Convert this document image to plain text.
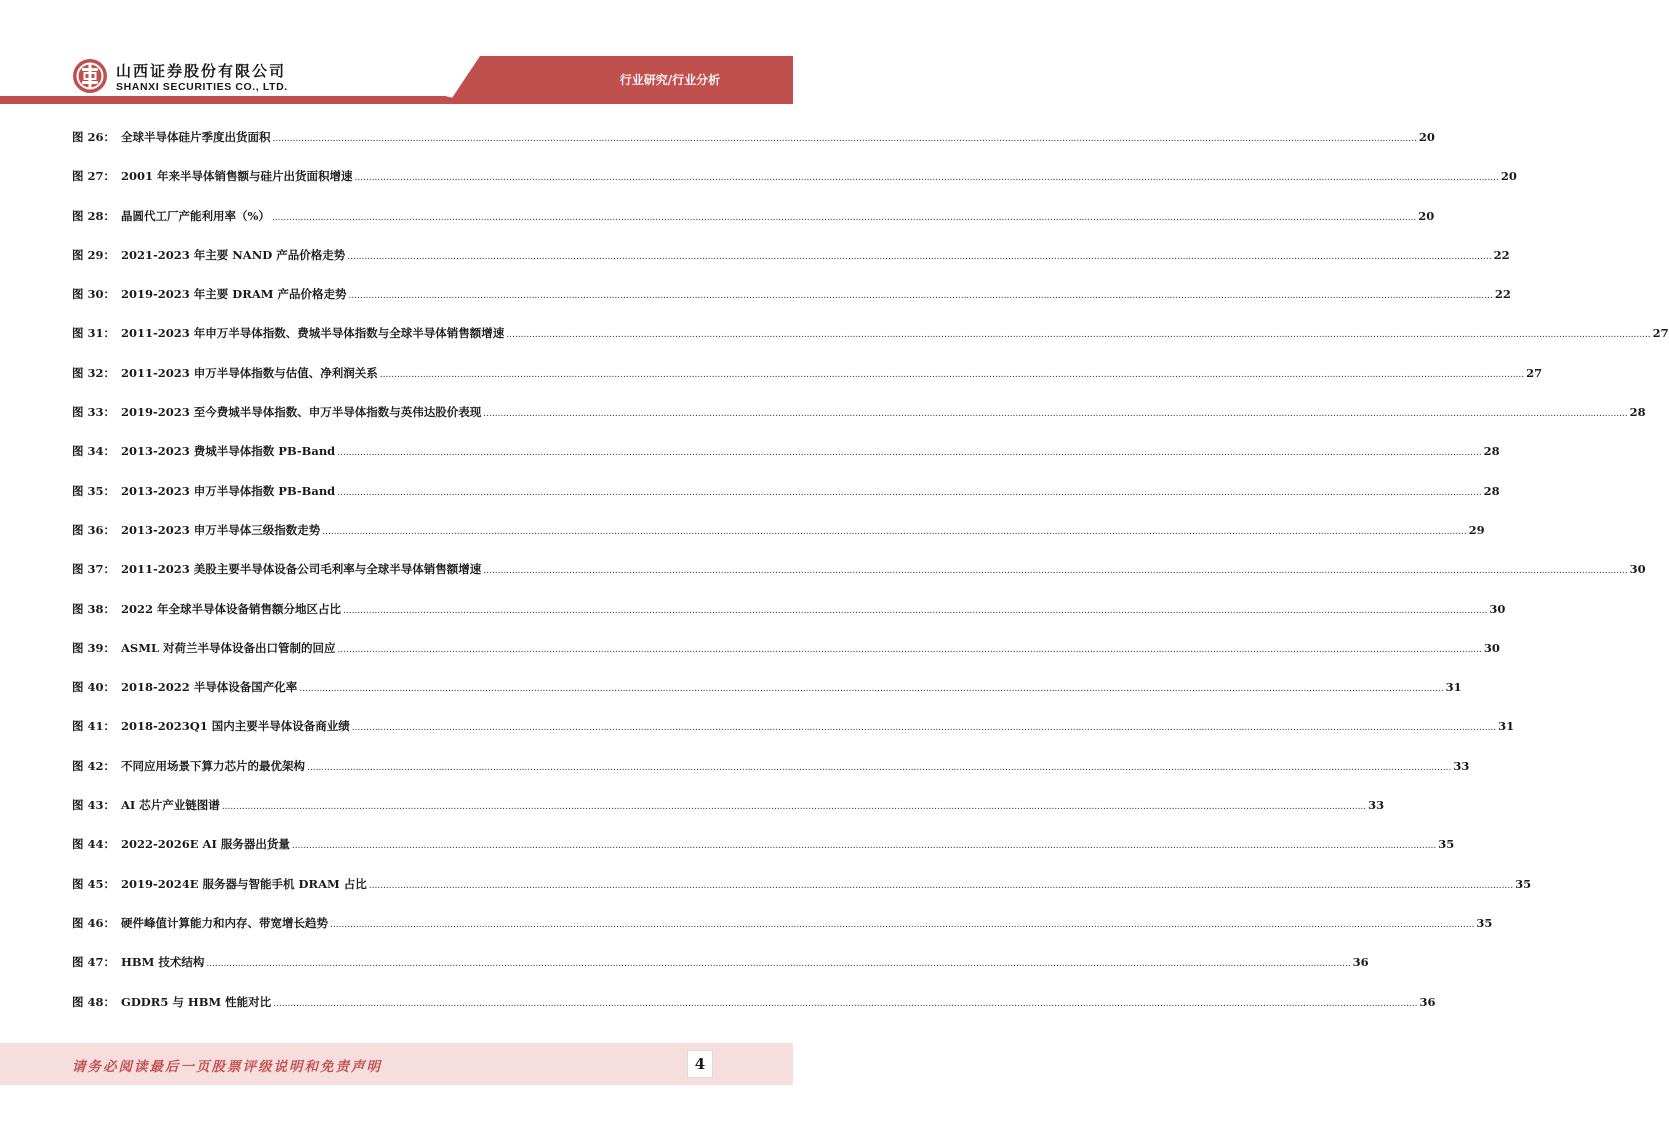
山西证券股份有限公司
SHANXI SECURITIES CO., LTD.	行业研究/行业分析
图 26： 全球半导体硅片季度出货面积 ................................................................................................................................................................................................................................................................................................................................................................................................................ 20
图 27： 2001 年来半导体销售额与硅片出货面积增速 ................................................................................................................................................................................................................................................................................................................................................................................................................ 20
图 28： 晶圆代工厂产能利用率（%） ................................................................................................................................................................................................................................................................................................................................................................................................................ 20
图 29： 2021-2023 年主要 NAND 产品价格走势 ................................................................................................................................................................................................................................................................................................................................................................................................................ 22
图 30： 2019-2023 年主要 DRAM 产品价格走势 ................................................................................................................................................................................................................................................................................................................................................................................................................ 22
图 31： 2011-2023 年申万半导体指数、费城半导体指数与全球半导体销售额增速 ................................................................................................................................................................................................................................................................................................................................................................................................................ 27
图 32： 2011-2023 申万半导体指数与估值、净利润关系 ................................................................................................................................................................................................................................................................................................................................................................................................................ 27
图 33： 2019-2023 至今费城半导体指数、申万半导体指数与英伟达股价表现 ................................................................................................................................................................................................................................................................................................................................................................................................................ 28
图 34： 2013-2023 费城半导体指数 PB-Band ................................................................................................................................................................................................................................................................................................................................................................................................................ 28
图 35： 2013-2023 申万半导体指数 PB-Band ................................................................................................................................................................................................................................................................................................................................................................................................................ 28
图 36： 2013-2023 申万半导体三级指数走势 ................................................................................................................................................................................................................................................................................................................................................................................................................ 29
图 37： 2011-2023 美股主要半导体设备公司毛利率与全球半导体销售额增速 ................................................................................................................................................................................................................................................................................................................................................................................................................ 30
图 38： 2022 年全球半导体设备销售额分地区占比 ................................................................................................................................................................................................................................................................................................................................................................................................................ 30
图 39： ASML 对荷兰半导体设备出口管制的回应 ................................................................................................................................................................................................................................................................................................................................................................................................................ 30
图 40： 2018-2022 半导体设备国产化率 ................................................................................................................................................................................................................................................................................................................................................................................................................ 31
图 41： 2018-2023Q1 国内主要半导体设备商业绩 ................................................................................................................................................................................................................................................................................................................................................................................................................ 31
图 42： 不同应用场景下算力芯片的最优架构 ................................................................................................................................................................................................................................................................................................................................................................................................................ 33
图 43： AI 芯片产业链图谱 ................................................................................................................................................................................................................................................................................................................................................................................................................ 33
图 44： 2022-2026E AI 服务器出货量 ................................................................................................................................................................................................................................................................................................................................................................................................................ 35
图 45： 2019-2024E 服务器与智能手机 DRAM 占比 ................................................................................................................................................................................................................................................................................................................................................................................................................ 35
图 46： 硬件峰值计算能力和内存、带宽增长趋势 ................................................................................................................................................................................................................................................................................................................................................................................................................ 35
图 47： HBM 技术结构 ................................................................................................................................................................................................................................................................................................................................................................................................................ 36
图 48： GDDR5 与 HBM 性能对比 ................................................................................................................................................................................................................................................................................................................................................................................................................ 36
请务必阅读最后一页股票评级说明和免责声明	4
